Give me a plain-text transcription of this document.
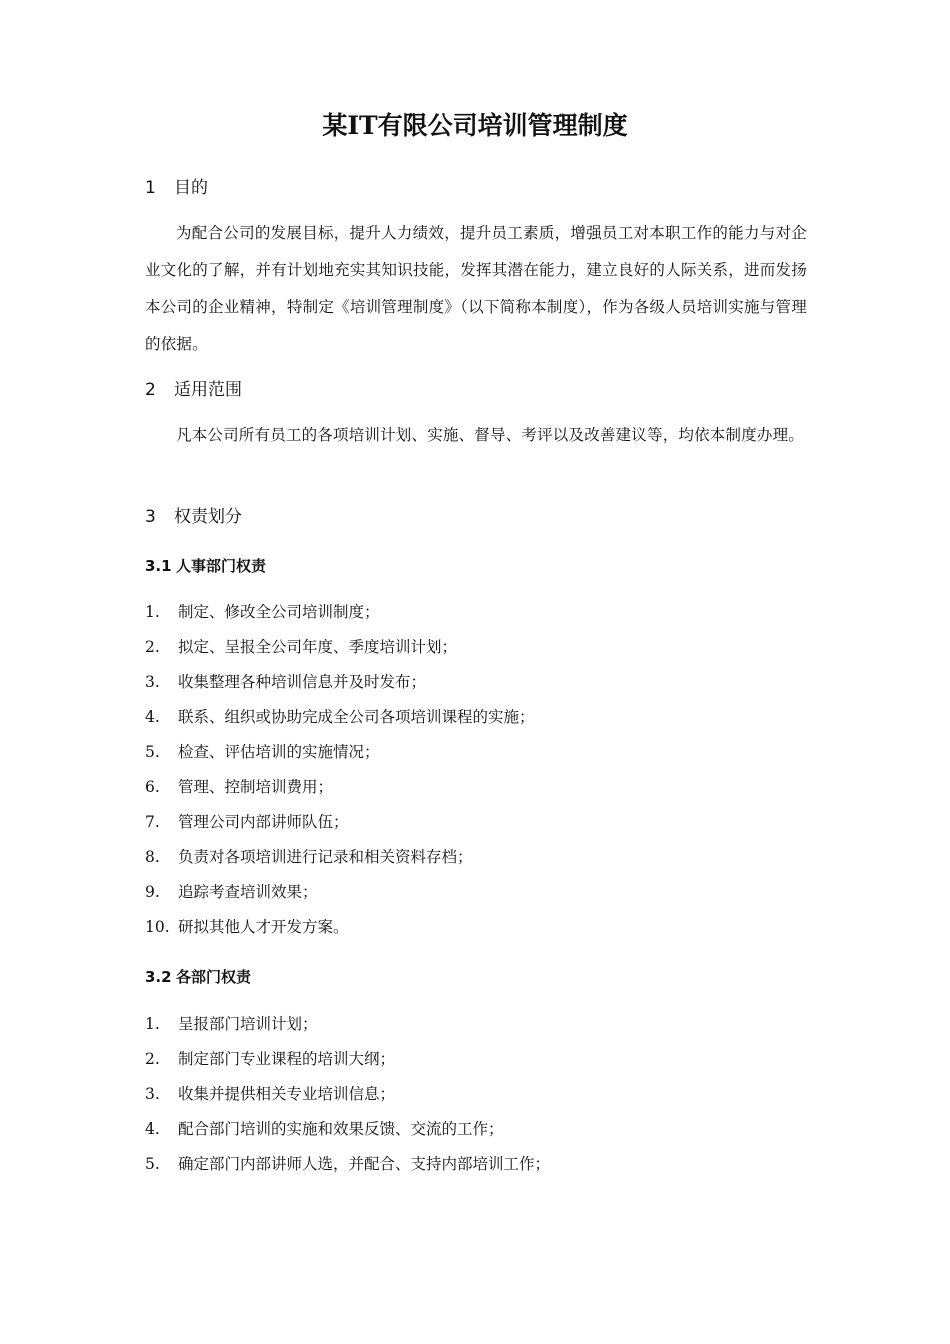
某IT有限公司培训管理制度
1 目的
为配合公司的发展目标，提升人力绩效，提升员工素质，增强员工对本职工作的能力与对企业文化的了解，并有计划地充实其知识技能，发挥其潜在能力，建立良好的人际关系，进而发扬本公司的企业精神，特制定《培训管理制度》（以下简称本制度），作为各级人员培训实施与管理的依据。
2 适用范围
凡本公司所有员工的各项培训计划、实施、督导、考评以及改善建议等，均依本制度办理。
3 权责划分
3.1 人事部门权责
1. 制定、修改全公司培训制度；
2. 拟定、呈报全公司年度、季度培训计划；
3. 收集整理各种培训信息并及时发布；
4. 联系、组织或协助完成全公司各项培训课程的实施；
5. 检查、评估培训的实施情况；
6. 管理、控制培训费用；
7. 管理公司内部讲师队伍；
8. 负责对各项培训进行记录和相关资料存档；
9. 追踪考查培训效果；
10. 研拟其他人才开发方案。
3.2 各部门权责
1. 呈报部门培训计划；
2. 制定部门专业课程的培训大纲；
3. 收集并提供相关专业培训信息；
4. 配合部门培训的实施和效果反馈、交流的工作；
5. 确定部门内部讲师人选，并配合、支持内部培训工作；
